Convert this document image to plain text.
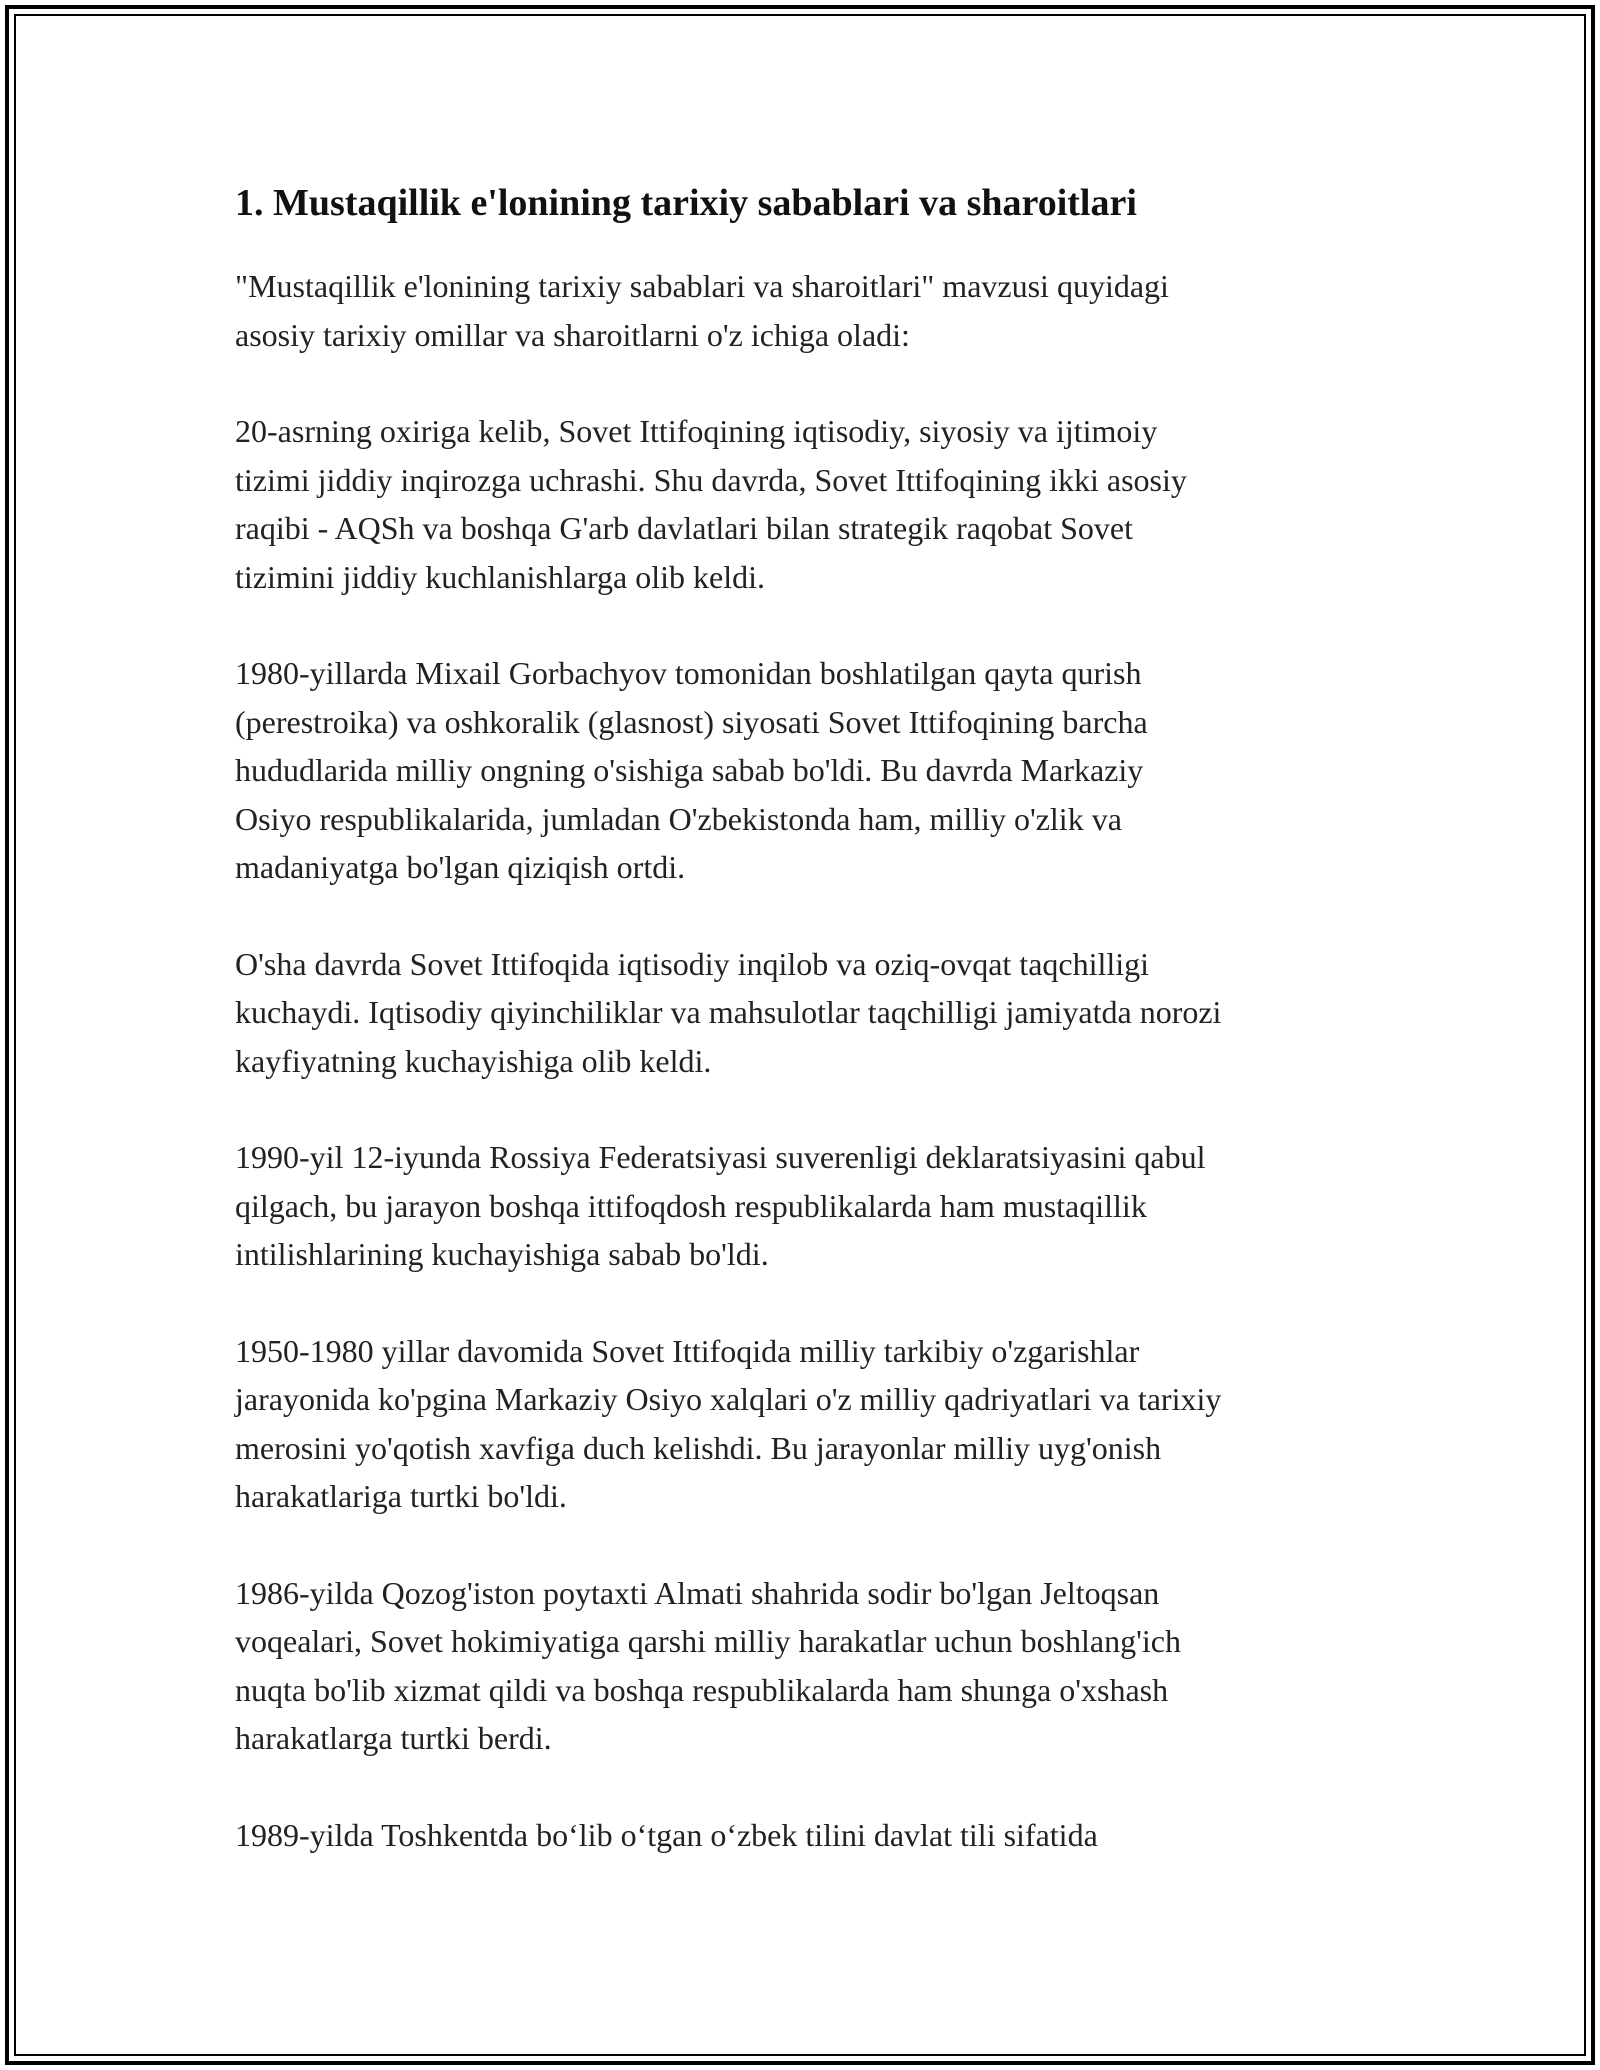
1. Mustaqillik e'lonining tarixiy sabablari va sharoitlari

"Mustaqillik e'lonining tarixiy sabablari va sharoitlari" mavzusi quyidagi
asosiy tarixiy omillar va sharoitlarni o'z ichiga oladi:

20-asrning oxiriga kelib, Sovet Ittifoqining iqtisodiy, siyosiy va ijtimoiy
tizimi jiddiy inqirozga uchrashi. Shu davrda, Sovet Ittifoqining ikki asosiy
raqibi - AQSh va boshqa G'arb davlatlari bilan strategik raqobat Sovet
tizimini jiddiy kuchlanishlarga olib keldi.

1980-yillarda Mixail Gorbachyov tomonidan boshlatilgan qayta qurish
(perestroika) va oshkoralik (glasnost) siyosati Sovet Ittifoqining barcha
hududlarida milliy ongning o'sishiga sabab bo'ldi. Bu davrda Markaziy
Osiyo respublikalarida, jumladan O'zbekistonda ham, milliy o'zlik va
madaniyatga bo'lgan qiziqish ortdi.

O'sha davrda Sovet Ittifoqida iqtisodiy inqilob va oziq-ovqat taqchilligi
kuchaydi. Iqtisodiy qiyinchiliklar va mahsulotlar taqchilligi jamiyatda norozi
kayfiyatning kuchayishiga olib keldi.

1990-yil 12-iyunda Rossiya Federatsiyasi suverenligi deklaratsiyasini qabul
qilgach, bu jarayon boshqa ittifoqdosh respublikalarda ham mustaqillik
intilishlarining kuchayishiga sabab bo'ldi.

1950-1980 yillar davomida Sovet Ittifoqida milliy tarkibiy o'zgarishlar
jarayonida ko'pgina Markaziy Osiyo xalqlari o'z milliy qadriyatlari va tarixiy
merosini yo'qotish xavfiga duch kelishdi. Bu jarayonlar milliy uyg'onish
harakatlariga turtki bo'ldi.

1986-yilda Qozog'iston poytaxti Almati shahrida sodir bo'lgan Jeltoqsan
voqealari, Sovet hokimiyatiga qarshi milliy harakatlar uchun boshlang'ich
nuqta bo'lib xizmat qildi va boshqa respublikalarda ham shunga o'xshash
harakatlarga turtki berdi.

1989-yilda Toshkentda bo‘lib o‘tgan o‘zbek tilini davlat tili sifatida
